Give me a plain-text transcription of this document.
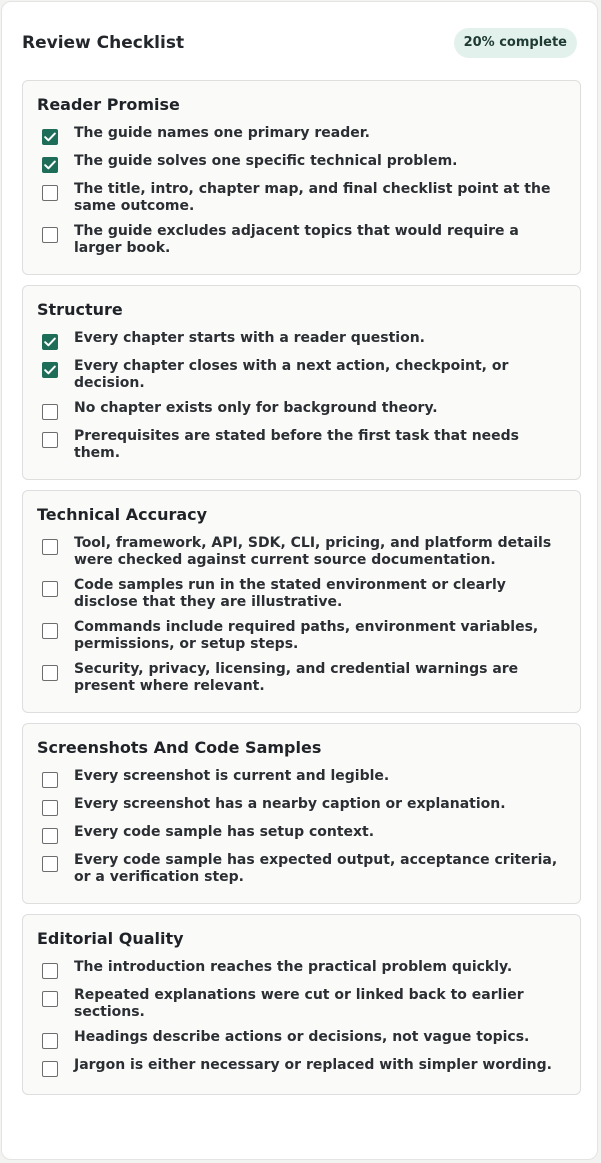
Review Checklist	20% complete
Reader Promise
The guide names one primary reader.
The guide solves one specific technical problem.
The title, intro, chapter map, and final checklist point at the same outcome.
The guide excludes adjacent topics that would require a larger book.
Structure
Every chapter starts with a reader question.
Every chapter closes with a next action, checkpoint, or decision.
No chapter exists only for background theory.
Prerequisites are stated before the first task that needs them.
Technical Accuracy
Tool, framework, API, SDK, CLI, pricing, and platform details were checked against current source documentation.
Code samples run in the stated environment or clearly disclose that they are illustrative.
Commands include required paths, environment variables, permissions, or setup steps.
Security, privacy, licensing, and credential warnings are present where relevant.
Screenshots And Code Samples
Every screenshot is current and legible.
Every screenshot has a nearby caption or explanation.
Every code sample has setup context.
Every code sample has expected output, acceptance criteria, or a verification step.
Editorial Quality
The introduction reaches the practical problem quickly.
Repeated explanations were cut or linked back to earlier sections.
Headings describe actions or decisions, not vague topics.
Jargon is either necessary or replaced with simpler wording.
